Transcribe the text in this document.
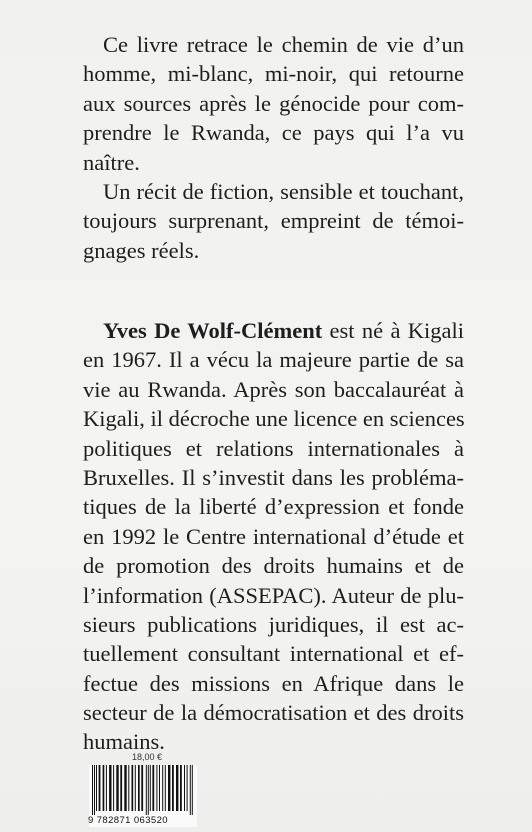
Ce livre retrace le chemin de vie d’un
homme, mi-blanc, mi-noir, qui retourne
aux sources après le génocide pour com-
prendre le Rwanda, ce pays qui l’a vu
naître.
Un récit de fiction, sensible et touchant,
toujours surprenant, empreint de témoi-
gnages réels.
Yves De Wolf-Clément est né à Kigali
en 1967. Il a vécu la majeure partie de sa
vie au Rwanda. Après son baccalauréat à
Kigali, il décroche une licence en sciences
politiques et relations internationales à
Bruxelles. Il s’investit dans les probléma-
tiques de la liberté d’expression et fonde
en 1992 le Centre international d’étude et
de promotion des droits humains et de
l’information (ASSEPAC). Auteur de plu-
sieurs publications juridiques, il est ac-
tuellement consultant international et ef-
fectue des missions en Afrique dans le
secteur de la démocratisation et des droits
humains.
18,00 €
9 782871 063520
